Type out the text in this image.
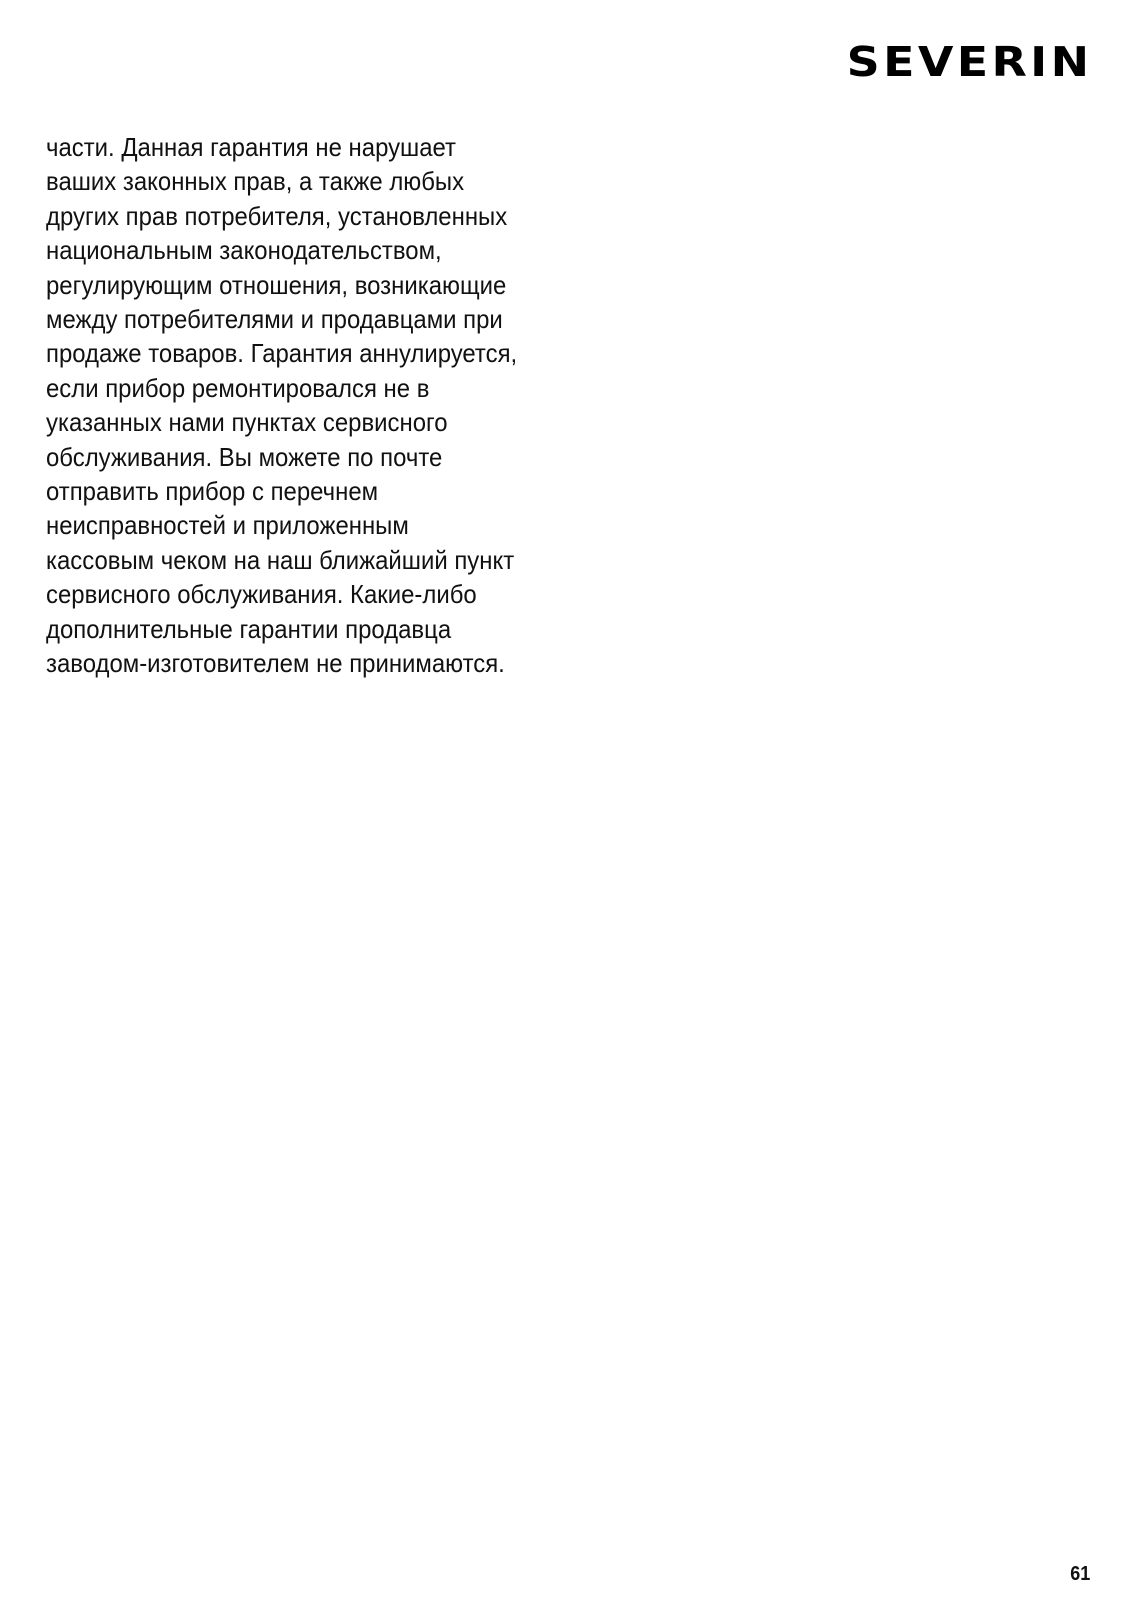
SEVERIN
части. Данная гарантия не нарушает
ваших законных прав, а также любых
других прав потребителя, установленных
национальным законодательством,
регулирующим отношения, возникающие
между потребителями и продавцами при
продаже товаров. Гарантия аннулируется,
если прибор ремонтировался не в
указанных нами пунктах сервисного
обслуживания. Вы можете по почте
отправить прибор с перечнем
неисправностей и приложенным
кассовым чеком на наш ближайший пункт
сервисного обслуживания. Какие-либо
дополнительные гарантии продавца
заводом-изготовителем не принимаются.
61
